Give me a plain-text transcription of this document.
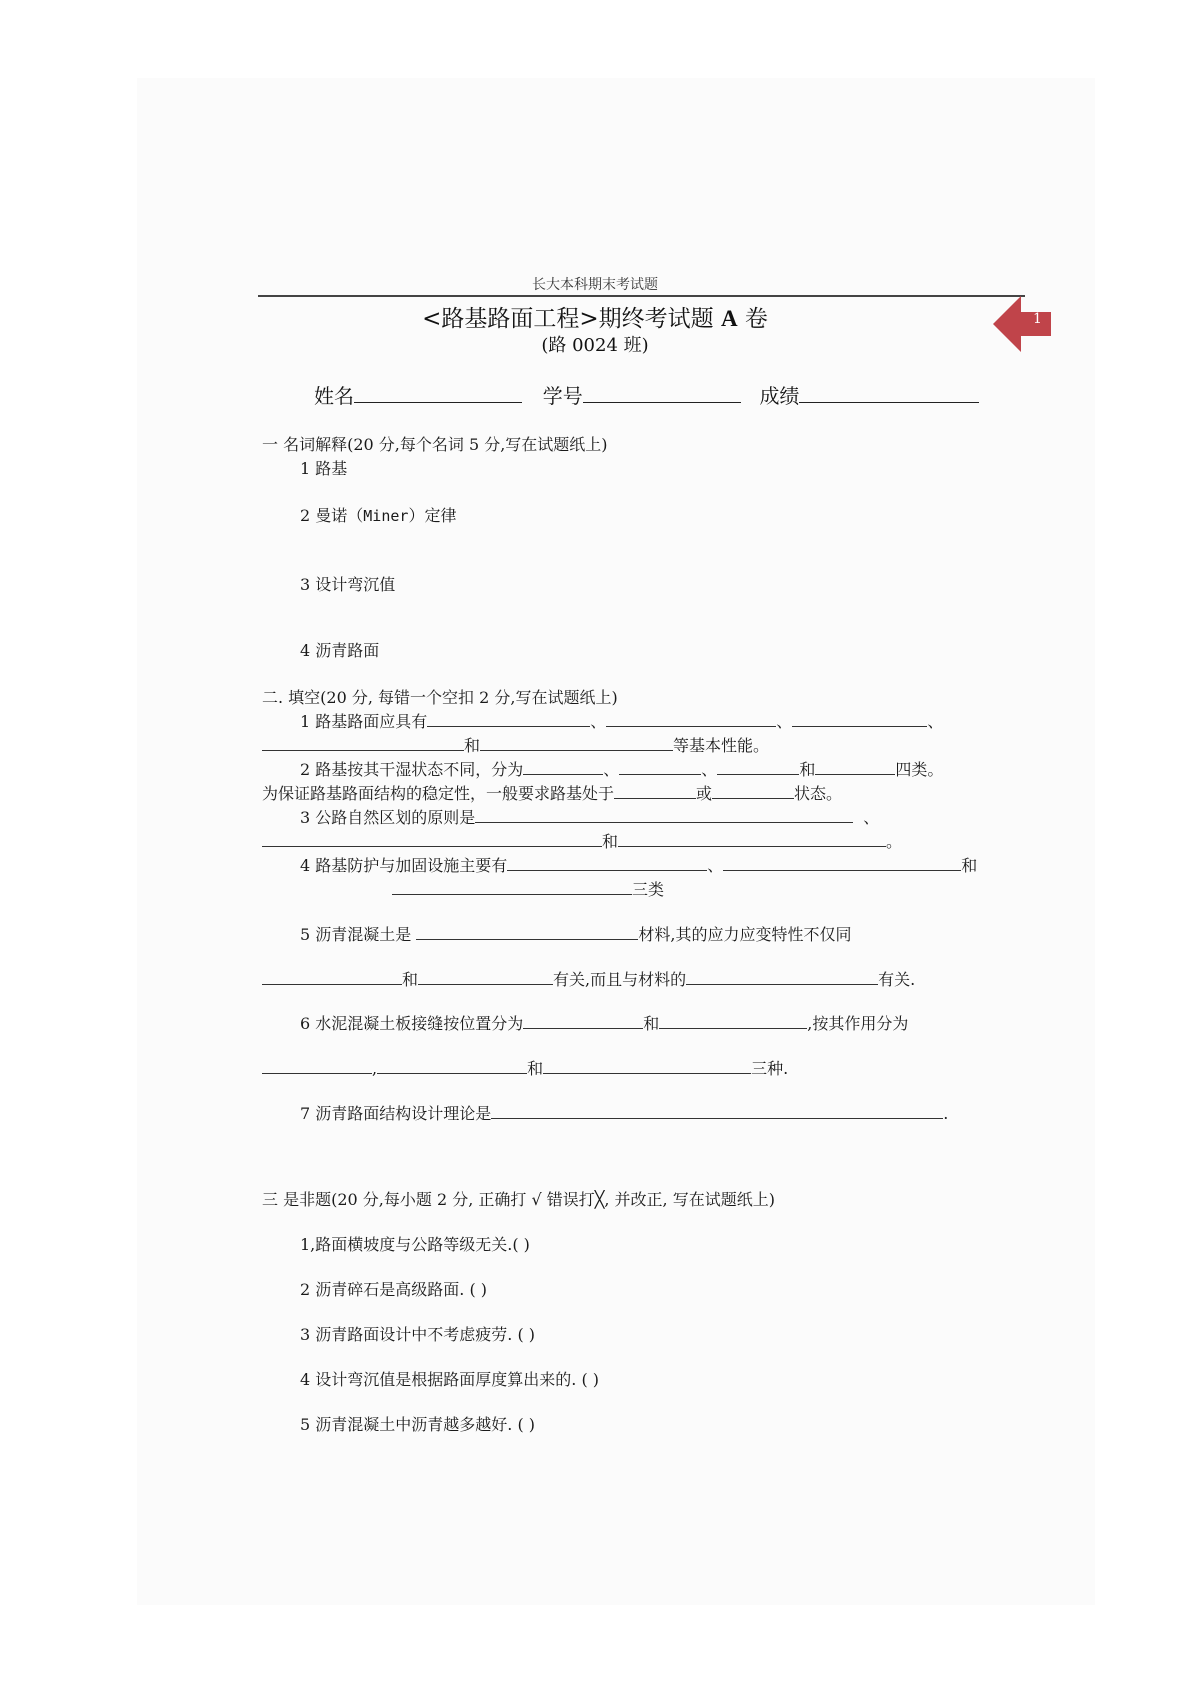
长大本科期末考试题
<路基路面工程>期终考试题 A 卷
(路 0024 班)
1
姓名	学号	成绩
一 名词解释(20 分,每个名词 5 分,写在试题纸上)
1 路基
2 曼诺（Miner）定律
3 设计弯沉值
4 沥青路面
二. 填空(20 分, 每错一个空扣 2 分,写在试题纸上)
1 路基路面应具有	、	、	、
和	等基本性能。
2 路基按其干湿状态不同，分为	、	、	和	四类。
为保证路基路面结构的稳定性，一般要求路基处于	或	状态。
3 公路自然区划的原则是	、
和	。
4 路基防护与加固设施主要有	、	和
三类
5 沥青混凝土是	材料,其的应力应变特性不仅同
和	有关,而且与材料的	有关.
6 水泥混凝土板接缝按位置分为	和	,按其作用分为
,	和	三种.
7 沥青路面结构设计理论是	.
三 是非题(20 分,每小题 2 分, 正确打 √ 错误打╳, 并改正, 写在试题纸上)
1,路面横坡度与公路等级无关.( )
2 沥青碎石是高级路面. ( )
3 沥青路面设计中不考虑疲劳. ( )
4 设计弯沉值是根据路面厚度算出来的. ( )
5 沥青混凝土中沥青越多越好. ( )
